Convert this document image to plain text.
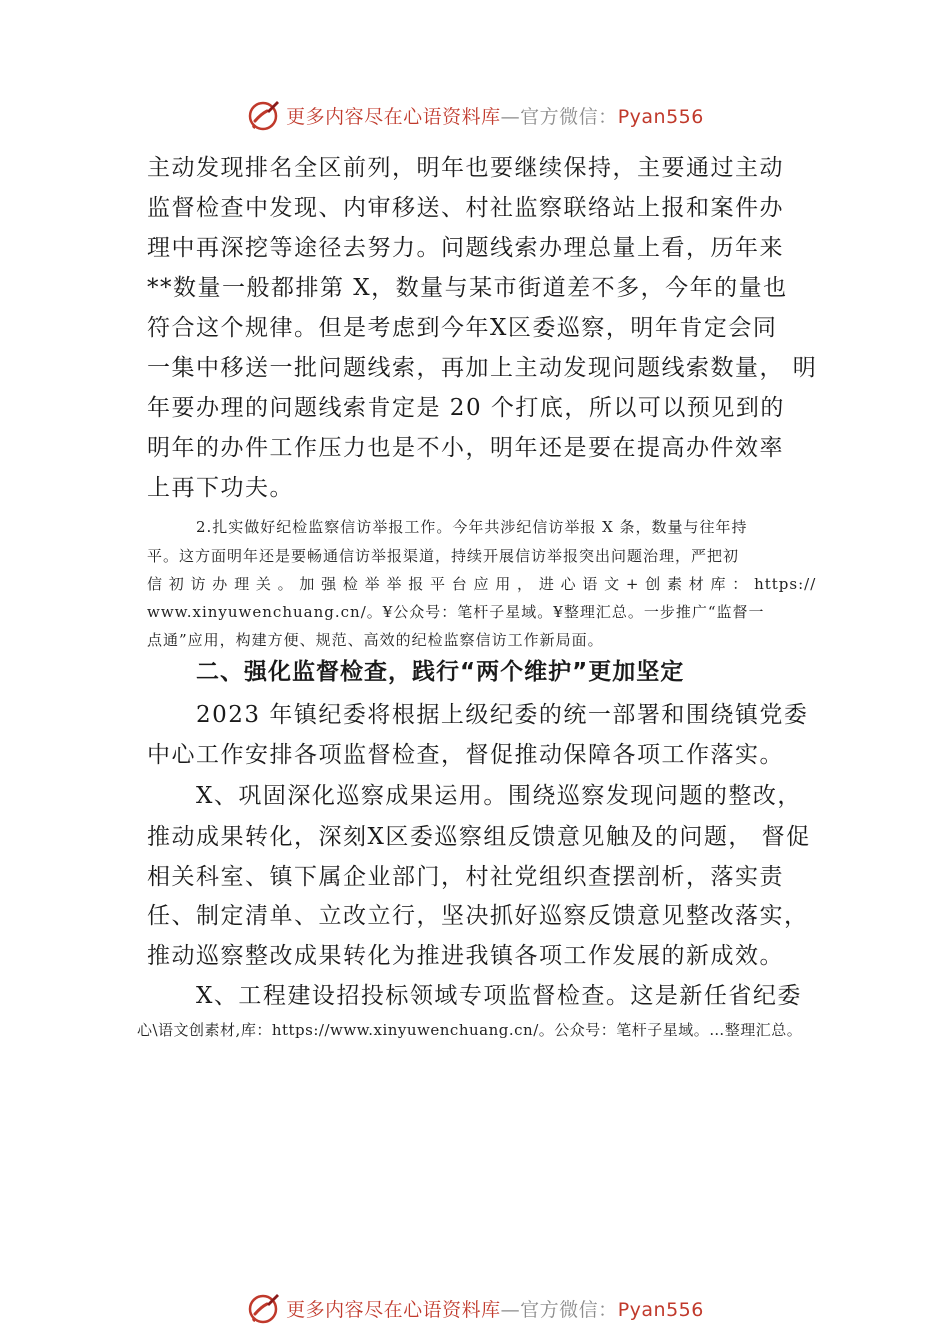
更多内容尽在心语资料库—官方微信：Pyan556
主动发现排名全区前列，明年也要继续保持，主要通过主动
监督检查中发现、内审移送、村社监察联络站上报和案件办
理中再深挖等途径去努力。问题线索办理总量上看，历年来
**数量一般都排第 X，数量与某市街道差不多，今年的量也
符合这个规律。但是考虑到今年X区委巡察，明年肯定会同
一集中移送一批问题线索，再加上主动发现问题线索数量， 明
年要办理的问题线索肯定是 20 个打底，所以可以预见到的
明年的办件工作压力也是不小，明年还是要在提高办件效率
上再下功夫。
2.扎实做好纪检监察信访举报工作。今年共涉纪信访举报 X 条，数量与往年持
平。这方面明年还是要畅通信访举报渠道，持续开展信访举报突出问题治理，严把初
信 初 访 办 理 关 。 加 强 检 举 举 报 平 台 应 用 ， 进 心 语 文 + 创 素 材 库 ： https://
www.xinyuwenchuang.cn/。¥公众号：笔杆子星域。¥整理汇总。一步推广“监督一
点通”应用，构建方便、规范、高效的纪检监察信访工作新局面。
二、强化监督检查，践行“两个维护”更加坚定
2023 年镇纪委将根据上级纪委的统一部署和围绕镇党委
中心工作安排各项监督检查，督促推动保障各项工作落实。
X、巩固深化巡察成果运用。围绕巡察发现问题的整改，
推动成果转化，深刻X区委巡察组反馈意见触及的问题， 督促
相关科室、镇下属企业部门，村社党组织查摆剖析，落实责
任、制定清单、立改立行，坚决抓好巡察反馈意见整改落实，
推动巡察整改成果转化为推进我镇各项工作发展的新成效。
X、工程建设招投标领域专项监督检查。这是新任省纪委
心\语文创素材,库：https://www.xinyuwenchuang.cn/。公众号：笔杆子星域。…整理汇总。
更多内容尽在心语资料库—官方微信：Pyan556
